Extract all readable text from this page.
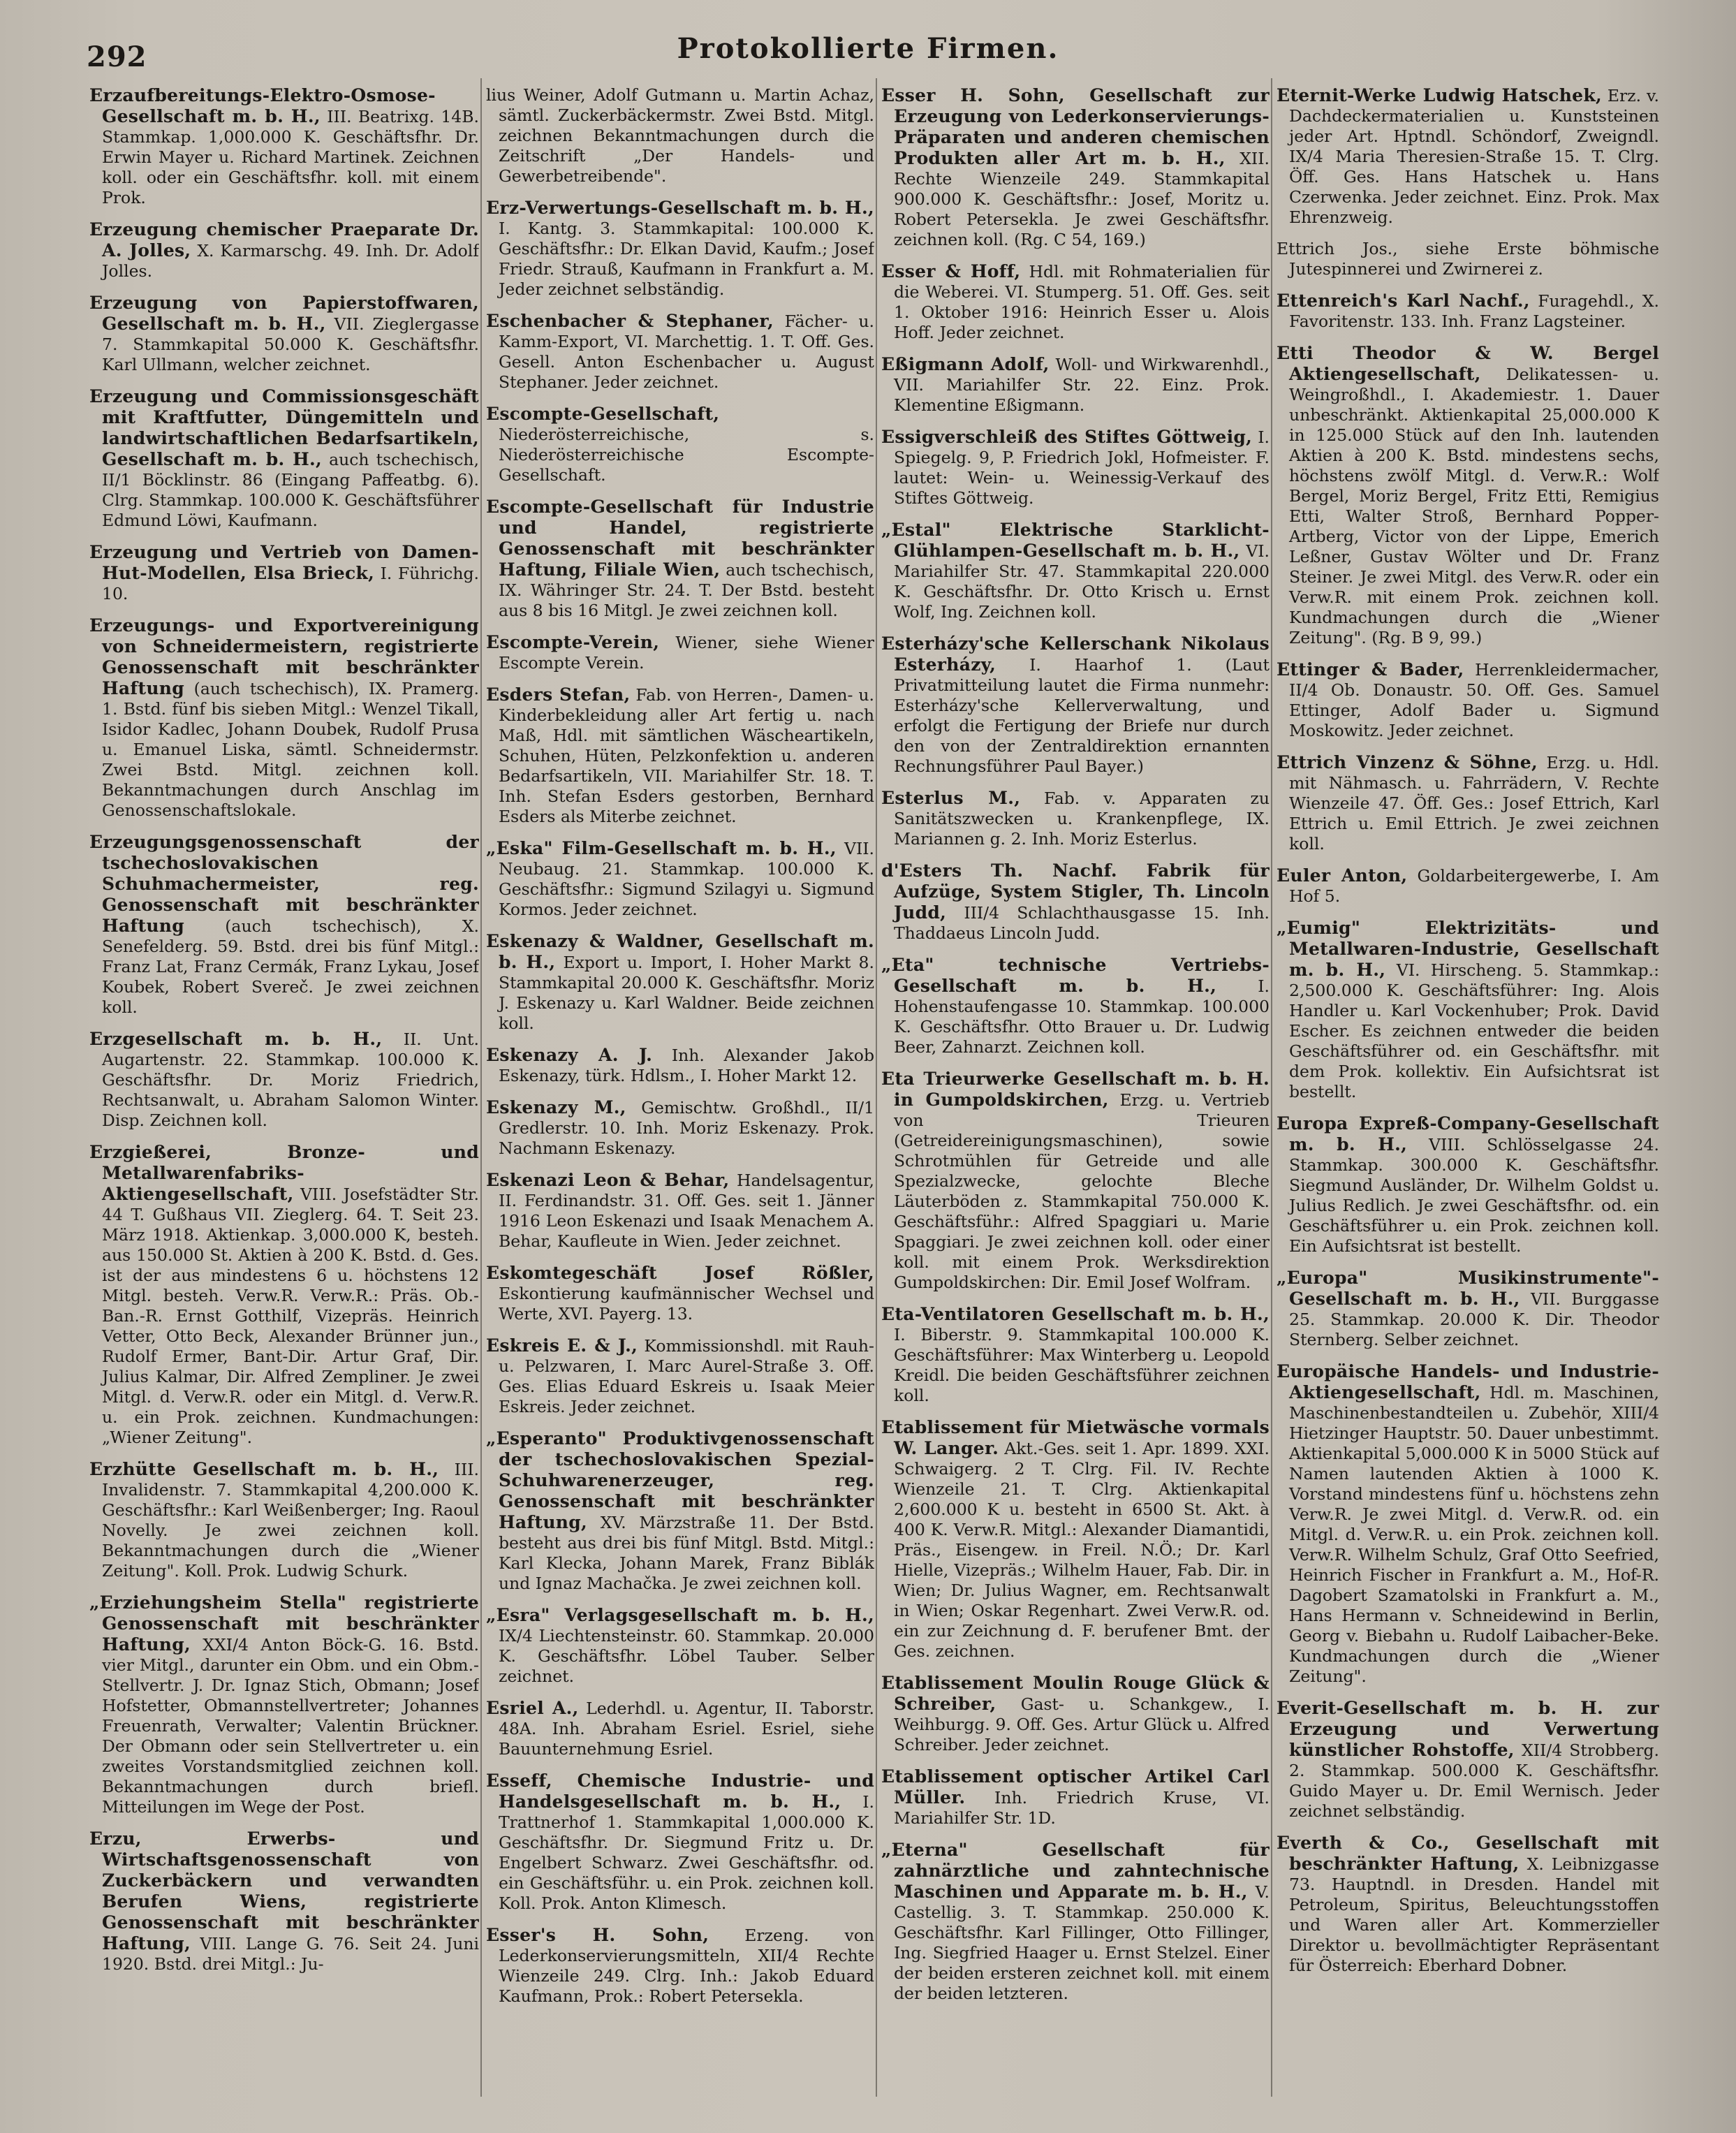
292	Protokollierte Firmen.
Erzaufbereitungs-Elektro-Osmose-Gesellschaft m. b. H., III. Beatrixg. 14B. Stammkap. 1,000.000 K. Geschäftsfhr. Dr. Erwin Mayer u. Richard Martinek. Zeichnen koll. oder ein Geschäftsfhr. koll. mit einem Prok.
Erzeugung chemischer Praeparate Dr. A. Jolles, X. Karmarschg. 49. Inh. Dr. Adolf Jolles.
Erzeugung von Papierstoffwaren, Gesellschaft m. b. H., VII. Zieglergasse 7. Stammkapital 50.000 K. Geschäftsfhr. Karl Ullmann, welcher zeichnet.
Erzeugung und Commissionsgeschäft mit Kraftfutter, Düngemitteln und landwirtschaftlichen Bedarfsartikeln, Gesellschaft m. b. H., auch tschechisch, II/1 Böcklinstr. 86 (Eingang Paffeatbg. 6). Clrg. Stammkap. 100.000 K. Geschäftsführer Edmund Löwi, Kaufmann.
Erzeugung und Vertrieb von Damen-Hut-Modellen, Elsa Brieck, I. Führichg. 10.
Erzeugungs- und Exportvereinigung von Schneidermeistern, registrierte Genossenschaft mit beschränkter Haftung (auch tschechisch), IX. Pramerg. 1. Bstd. fünf bis sieben Mitgl.: Wenzel Tikall, Isidor Kadlec, Johann Doubek, Rudolf Prusa u. Emanuel Liska, sämtl. Schneidermstr. Zwei Bstd. Mitgl. zeichnen koll. Bekanntmachungen durch Anschlag im Genossenschaftslokale.
Erzeugungsgenossenschaft der tschechoslovakischen Schuhmachermeister, reg. Genossenschaft mit beschränkter Haftung (auch tschechisch), X. Senefelderg. 59. Bstd. drei bis fünf Mitgl.: Franz Lat, Franz Cermák, Franz Lykau, Josef Koubek, Robert Svereč. Je zwei zeichnen koll.
Erzgesellschaft m. b. H., II. Unt. Augartenstr. 22. Stammkap. 100.000 K. Geschäftsfhr. Dr. Moriz Friedrich, Rechtsanwalt, u. Abraham Salomon Winter. Disp. Zeichnen koll.
Erzgießerei, Bronze- und Metallwarenfabriks-Aktiengesellschaft, VIII. Josefstädter Str. 44 T. Gußhaus VII. Zieglerg. 64. T. Seit 23. März 1918. Aktienkap. 3,000.000 K, besteh. aus 150.000 St. Aktien à 200 K. Bstd. d. Ges. ist der aus mindestens 6 u. höchstens 12 Mitgl. besteh. Verw.R. Verw.R.: Präs. Ob.-Ban.-R. Ernst Gotthilf, Vizepräs. Heinrich Vetter, Otto Beck, Alexander Brünner jun., Rudolf Ermer, Bant-Dir. Artur Graf, Dir. Julius Kalmar, Dir. Alfred Zempliner. Je zwei Mitgl. d. Verw.R. oder ein Mitgl. d. Verw.R. u. ein Prok. zeichnen. Kundmachungen: „Wiener Zeitung".
Erzhütte Gesellschaft m. b. H., III. Invalidenstr. 7. Stammkapital 4,200.000 K. Geschäftsfhr.: Karl Weißenberger; Ing. Raoul Novelly. Je zwei zeichnen koll. Bekanntmachungen durch die „Wiener Zeitung". Koll. Prok. Ludwig Schurk.
„Erziehungsheim Stella" registrierte Genossenschaft mit beschränkter Haftung, XXI/4 Anton Böck-G. 16. Bstd. vier Mitgl., darunter ein Obm. und ein Obm.-Stellvertr. J. Dr. Ignaz Stich, Obmann; Josef Hofstetter, Obmannstellvertreter; Johannes Freuenrath, Verwalter; Valentin Brückner. Der Obmann oder sein Stellvertreter u. ein zweites Vorstandsmitglied zeichnen koll. Bekanntmachungen durch briefl. Mitteilungen im Wege der Post.
Erzu, Erwerbs- und Wirtschaftsgenossenschaft von Zuckerbäckern und verwandten Berufen Wiens, registrierte Genossenschaft mit beschränkter Haftung, VIII. Lange G. 76. Seit 24. Juni 1920. Bstd. drei Mitgl.: Ju-
lius Weiner, Adolf Gutmann u. Martin Achaz, sämtl. Zuckerbäckermstr. Zwei Bstd. Mitgl. zeichnen Bekanntmachungen durch die Zeitschrift „Der Handels- und Gewerbetreibende".
Erz-Verwertungs-Gesellschaft m. b. H., I. Kantg. 3. Stammkapital: 100.000 K. Geschäftsfhr.: Dr. Elkan David, Kaufm.; Josef Friedr. Strauß, Kaufmann in Frankfurt a. M. Jeder zeichnet selbständig.
Eschenbacher & Stephaner, Fächer- u. Kamm-Export, VI. Marchettig. 1. T. Off. Ges. Gesell. Anton Eschenbacher u. August Stephaner. Jeder zeichnet.
Escompte-Gesellschaft, Niederösterreichische, s. Niederösterreichische Escompte-Gesellschaft.
Escompte-Gesellschaft für Industrie und Handel, registrierte Genossenschaft mit beschränkter Haftung, Filiale Wien, auch tschechisch, IX. Währinger Str. 24. T. Der Bstd. besteht aus 8 bis 16 Mitgl. Je zwei zeichnen koll.
Escompte-Verein, Wiener, siehe Wiener Escompte Verein.
Esders Stefan, Fab. von Herren-, Damen- u. Kinderbekleidung aller Art fertig u. nach Maß, Hdl. mit sämtlichen Wäscheartikeln, Schuhen, Hüten, Pelzkonfektion u. anderen Bedarfsartikeln, VII. Mariahilfer Str. 18. T. Inh. Stefan Esders gestorben, Bernhard Esders als Miterbe zeichnet.
„Eska" Film-Gesellschaft m. b. H., VII. Neubaug. 21. Stammkap. 100.000 K. Geschäftsfhr.: Sigmund Szilagyi u. Sigmund Kormos. Jeder zeichnet.
Eskenazy & Waldner, Gesellschaft m. b. H., Export u. Import, I. Hoher Markt 8. Stammkapital 20.000 K. Geschäftsfhr. Moriz J. Eskenazy u. Karl Waldner. Beide zeichnen koll.
Eskenazy A. J. Inh. Alexander Jakob Eskenazy, türk. Hdlsm., I. Hoher Markt 12.
Eskenazy M., Gemischtw. Großhdl., II/1 Gredlerstr. 10. Inh. Moriz Eskenazy. Prok. Nachmann Eskenazy.
Eskenazi Leon & Behar, Handelsagentur, II. Ferdinandstr. 31. Off. Ges. seit 1. Jänner 1916 Leon Eskenazi und Isaak Menachem A. Behar, Kaufleute in Wien. Jeder zeichnet.
Eskomtegeschäft Josef Rößler, Eskontierung kaufmännischer Wechsel und Werte, XVI. Payerg. 13.
Eskreis E. & J., Kommissionshdl. mit Rauh- u. Pelzwaren, I. Marc Aurel-Straße 3. Off. Ges. Elias Eduard Eskreis u. Isaak Meier Eskreis. Jeder zeichnet.
„Esperanto" Produktivgenossenschaft der tschechoslovakischen Spezial-Schuhwarenerzeuger, reg. Genossenschaft mit beschränkter Haftung, XV. Märzstraße 11. Der Bstd. besteht aus drei bis fünf Mitgl. Bstd. Mitgl.: Karl Klecka, Johann Marek, Franz Biblák und Ignaz Machačka. Je zwei zeichnen koll.
„Esra" Verlagsgesellschaft m. b. H., IX/4 Liechtensteinstr. 60. Stammkap. 20.000 K. Geschäftsfhr. Löbel Tauber. Selber zeichnet.
Esriel A., Lederhdl. u. Agentur, II. Taborstr. 48A. Inh. Abraham Esriel. Esriel, siehe Bauunternehmung Esriel.
Esseff, Chemische Industrie- und Handelsgesellschaft m. b. H., I. Trattnerhof 1. Stammkapital 1,000.000 K. Geschäftsfhr. Dr. Siegmund Fritz u. Dr. Engelbert Schwarz. Zwei Geschäftsfhr. od. ein Geschäftsführ. u. ein Prok. zeichnen koll. Koll. Prok. Anton Klimesch.
Esser's H. Sohn, Erzeng. von Lederkonservierungsmitteln, XII/4 Rechte Wienzeile 249. Clrg. Inh.: Jakob Eduard Kaufmann, Prok.: Robert Petersekla.
Esser H. Sohn, Gesellschaft zur Erzeugung von Lederkonservierungs-Präparaten und anderen chemischen Produkten aller Art m. b. H., XII. Rechte Wienzeile 249. Stammkapital 900.000 K. Geschäftsfhr.: Josef, Moritz u. Robert Petersekla. Je zwei Geschäftsfhr. zeichnen koll. (Rg. C 54, 169.)
Esser & Hoff, Hdl. mit Rohmaterialien für die Weberei. VI. Stumperg. 51. Off. Ges. seit 1. Oktober 1916: Heinrich Esser u. Alois Hoff. Jeder zeichnet.
Eßigmann Adolf, Woll- und Wirkwarenhdl., VII. Mariahilfer Str. 22. Einz. Prok. Klementine Eßigmann.
Essigverschleiß des Stiftes Göttweig, I. Spiegelg. 9, P. Friedrich Jokl, Hofmeister. F. lautet: Wein- u. Weinessig-Verkauf des Stiftes Göttweig.
„Estal" Elektrische Starklicht-Glühlampen-Gesellschaft m. b. H., VI. Mariahilfer Str. 47. Stammkapital 220.000 K. Geschäftsfhr. Dr. Otto Krisch u. Ernst Wolf, Ing. Zeichnen koll.
Esterházy'sche Kellerschank Nikolaus Esterházy, I. Haarhof 1. (Laut Privatmitteilung lautet die Firma nunmehr: Esterházy'sche Kellerverwaltung, und erfolgt die Fertigung der Briefe nur durch den von der Zentraldirektion ernannten Rechnungsführer Paul Bayer.)
Esterlus M., Fab. v. Apparaten zu Sanitätszwecken u. Krankenpflege, IX. Mariannen g. 2. Inh. Moriz Esterlus.
d'Esters Th. Nachf. Fabrik für Aufzüge, System Stigler, Th. Lincoln Judd, III/4 Schlachthausgasse 15. Inh. Thaddaeus Lincoln Judd.
„Eta" technische Vertriebs-Gesellschaft m. b. H.,	I. Hohenstaufengasse 10. Stammkap. 100.000 K. Geschäftsfhr. Otto Brauer u. Dr. Ludwig Beer, Zahnarzt. Zeichnen koll.
Eta Trieurwerke Gesellschaft m. b. H. in Gumpoldskirchen, Erzg. u. Vertrieb von Trieuren (Getreidereinigungsmaschinen), sowie Schrotmühlen für Getreide und alle Spezialzwecke, gelochte Bleche Läuterböden z. Stammkapital 750.000 K. Geschäftsführ.: Alfred Spaggiari u. Marie Spaggiari. Je zwei zeichnen koll. oder einer koll. mit einem Prok. Werksdirektion Gumpoldskirchen: Dir. Emil Josef Wolfram.
Eta-Ventilatoren Gesellschaft m. b. H., I. Biberstr. 9. Stammkapital 100.000 K. Geschäftsführer: Max Winterberg u. Leopold Kreidl. Die beiden Geschäftsführer zeichnen koll.
Etablissement für Mietwäsche vormals W. Langer. Akt.-Ges. seit 1. Apr. 1899. XXI. Schwaigerg. 2 T. Clrg. Fil. IV. Rechte Wienzeile 21. T. Clrg. Aktienkapital 2,600.000 K u. besteht in 6500 St. Akt. à 400 K. Verw.R. Mitgl.: Alexander Diamantidi, Präs., Eisengew. in Freil. N.Ö.; Dr. Karl Hielle, Vizepräs.; Wilhelm Hauer, Fab. Dir. in Wien; Dr. Julius Wagner, em. Rechtsanwalt in Wien; Oskar Regenhart. Zwei Verw.R. od. ein zur Zeichnung d. F. berufener Bmt. der Ges. zeichnen.
Etablissement Moulin Rouge Glück & Schreiber, Gast- u. Schankgew., I. Weihburgg. 9. Off. Ges. Artur Glück u. Alfred Schreiber. Jeder zeichnet.
Etablissement optischer Artikel Carl Müller. Inh. Friedrich Kruse, VI. Mariahilfer Str. 1D.
„Eterna" Gesellschaft für zahnärztliche und zahntechnische Maschinen und Apparate m. b. H., V. Castellig. 3. T. Stammkap. 250.000 K. Geschäftsfhr. Karl Fillinger, Otto Fillinger, Ing. Siegfried Haager u. Ernst Stelzel. Einer der beiden ersteren zeichnet koll. mit einem der beiden letzteren.
Eternit-Werke Ludwig Hatschek, Erz. v. Dachdeckermaterialien u. Kunststeinen jeder Art. Hptndl. Schöndorf, Zweigndl. IX/4 Maria Theresien-Straße 15. T. Clrg. Öff. Ges. Hans Hatschek u. Hans Czerwenka. Jeder zeichnet. Einz. Prok. Max Ehrenzweig.
Ettrich Jos., siehe Erste böhmische Jutespinnerei und Zwirnerei z.
Ettenreich's Karl Nachf., Furagehdl., X. Favoritenstr. 133. Inh. Franz Lagsteiner.
Etti Theodor & W. Bergel Aktiengesellschaft, Delikatessen- u. Weingroßhdl., I. Akademiestr. 1. Dauer unbeschränkt. Aktienkapital 25,000.000 K in 125.000 Stück auf den Inh. lautenden Aktien à 200 K. Bstd. mindestens sechs, höchstens zwölf Mitgl. d. Verw.R.: Wolf Bergel, Moriz Bergel, Fritz Etti, Remigius Etti, Walter Stroß, Bernhard Popper-Artberg, Victor von der Lippe, Emerich Leßner, Gustav Wölter und Dr. Franz Steiner. Je zwei Mitgl. des Verw.R. oder ein Verw.R. mit einem Prok. zeichnen koll. Kundmachungen durch die „Wiener Zeitung". (Rg. B 9, 99.)
Ettinger & Bader, Herrenkleidermacher, II/4 Ob. Donaustr. 50. Off. Ges. Samuel Ettinger, Adolf Bader u. Sigmund Moskowitz. Jeder zeichnet.
Ettrich Vinzenz & Söhne, Erzg. u. Hdl. mit Nähmasch. u. Fahrrädern, V. Rechte Wienzeile 47. Öff. Ges.: Josef Ettrich, Karl Ettrich u. Emil Ettrich. Je zwei zeichnen koll.
Euler Anton, Goldarbeitergewerbe, I. Am Hof 5.
„Eumig" Elektrizitäts- und Metallwaren-Industrie, Gesellschaft m. b. H., VI. Hirscheng. 5. Stammkap.: 2,500.000 K. Geschäftsführer: Ing. Alois Handler u. Karl Vockenhuber; Prok. David Escher. Es zeichnen entweder die beiden Geschäftsführer od. ein Geschäftsfhr. mit dem Prok. kollektiv. Ein Aufsichtsrat ist bestellt.
Europa Expreß-Company-Gesellschaft m. b. H., VIII. Schlösselgasse 24. Stammkap. 300.000 K. Geschäftsfhr. Siegmund Ausländer, Dr. Wilhelm Goldst u. Julius Redlich. Je zwei Geschäftsfhr. od. ein Geschäftsführer u. ein Prok. zeichnen koll. Ein Aufsichtsrat ist bestellt.
„Europa" Musikinstrumente"-Gesellschaft m. b. H., VII. Burggasse 25. Stammkap. 20.000 K. Dir. Theodor Sternberg. Selber zeichnet.
Europäische Handels- und Industrie-Aktiengesellschaft, Hdl. m. Maschinen, Maschinenbestandteilen u. Zubehör, XIII/4 Hietzinger Hauptstr. 50. Dauer unbestimmt. Aktienkapital 5,000.000 K in 5000 Stück auf Namen lautenden Aktien à 1000 K. Vorstand mindestens fünf u. höchstens zehn Verw.R. Je zwei Mitgl. d. Verw.R. od. ein Mitgl. d. Verw.R. u. ein Prok. zeichnen koll. Verw.R. Wilhelm Schulz, Graf Otto Seefried, Heinrich Fischer in Frankfurt a. M., Hof-R. Dagobert Szamatolski in Frankfurt a. M., Hans Hermann v. Schneidewind in Berlin, Georg v. Biebahn u. Rudolf Laibacher-Beke. Kundmachungen durch die „Wiener Zeitung".
Everit-Gesellschaft m. b. H. zur Erzeugung und Verwertung künstlicher Rohstoffe, XII/4 Strobberg. 2. Stammkap. 500.000 K. Geschäftsfhr. Guido Mayer u. Dr. Emil Wernisch. Jeder zeichnet selbständig.
Everth & Co., Gesellschaft mit beschränkter Haftung, X. Leibnizgasse 73. Hauptndl. in Dresden. Handel mit Petroleum, Spiritus, Beleuchtungsstoffen und Waren aller Art. Kommerzieller Direktor u. bevollmächtigter Repräsentant für Österreich: Eberhard Dobner.
